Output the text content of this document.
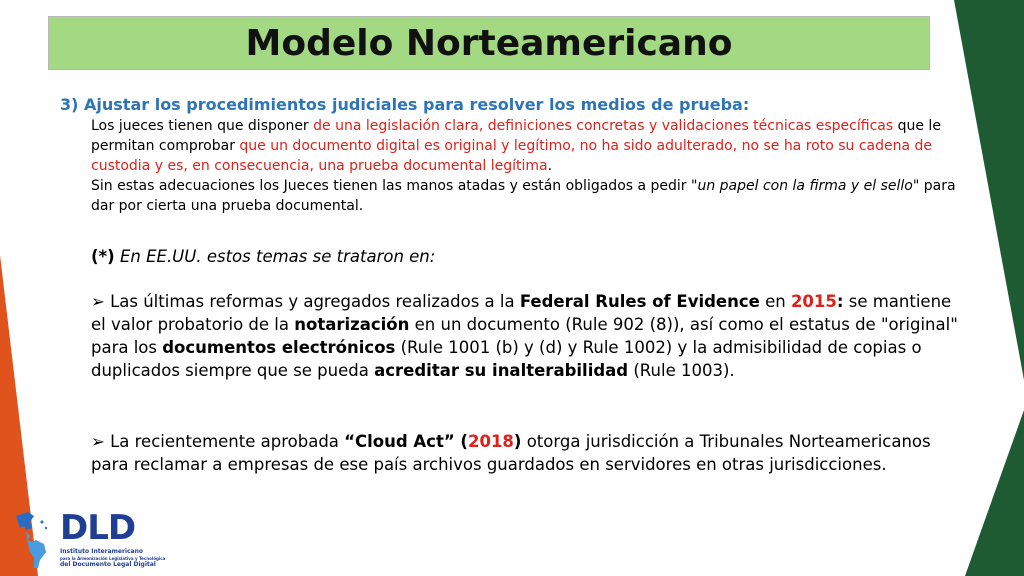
Modelo Norteamericano
3) Ajustar los procedimientos judiciales para resolver los medios de prueba:
Los jueces tienen que disponer de una legislación clara, definiciones concretas y validaciones técnicas específicas que le permitan comprobar que un documento digital es original y legítimo, no ha sido adulterado, no se ha roto su cadena de custodia y es, en consecuencia, una prueba documental legítima.
Sin estas adecuaciones los Jueces tienen las manos atadas y están obligados a pedir "un papel con la firma y el sello" para dar por cierta una prueba documental.
(*) En EE.UU. estos temas se trataron en:
➢ Las últimas reformas y agregados realizados a la Federal Rules of Evidence en 2015: se mantiene el valor probatorio de la notarización en un documento (Rule 902 (8)), así como el estatus de "original" para los documentos electrónicos (Rule 1001 (b) y (d) y Rule 1002) y la admisibilidad de copias o duplicados siempre que se pueda acreditar su inalterabilidad (Rule 1003).
➢ La recientemente aprobada “Cloud Act” (2018) otorga jurisdicción a Tribunales Norteamericanos para reclamar a empresas de ese país archivos guardados en servidores en otras jurisdicciones.
DLD
Instituto Interamericano
para la Armonización Legislativa y Tecnológica
del Documento Legal Digital
